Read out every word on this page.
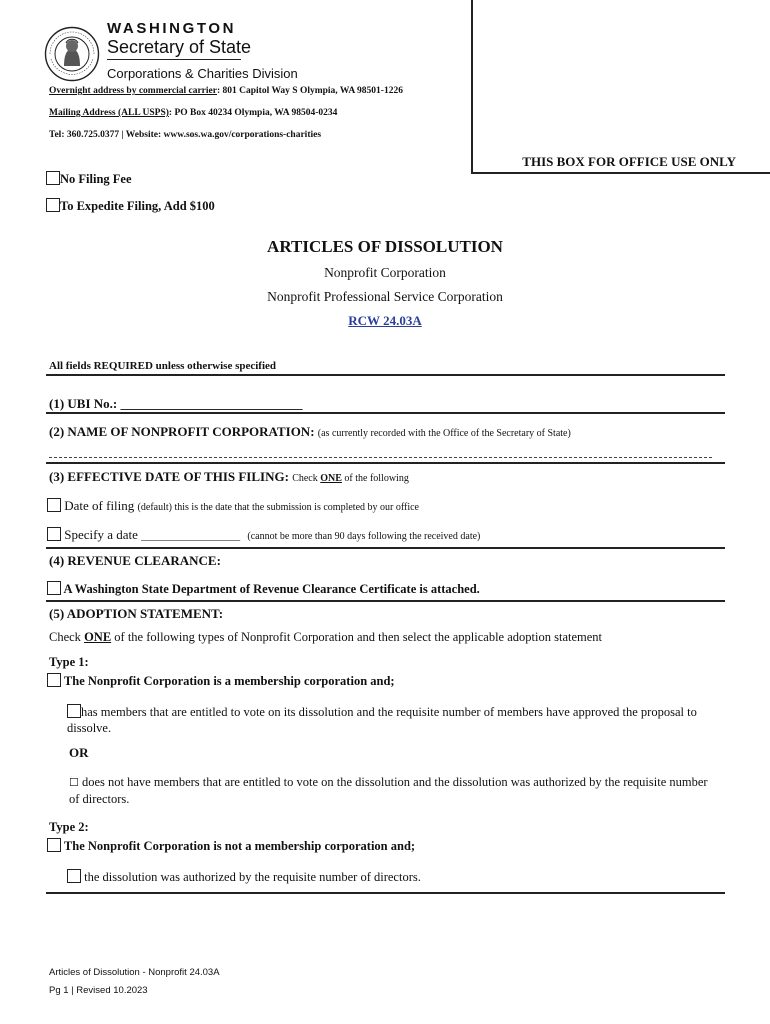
THIS BOX FOR OFFICE USE ONLY
WASHINGTON
Secretary of State
Corporations & Charities Division
Overnight address by commercial carrier: 801 Capitol Way S Olympia, WA 98501-1226
Mailing Address (ALL USPS): PO Box 40234 Olympia, WA 98504-0234
Tel: 360.725.0377 | Website: www.sos.wa.gov/corporations-charities
No Filing Fee
To Expedite Filing, Add $100
ARTICLES OF DISSOLUTION
Nonprofit Corporation
Nonprofit Professional Service Corporation
RCW 24.03A
All fields REQUIRED unless otherwise specified
(1) UBI No.: ____________________________
(2) NAME OF NONPROFIT CORPORATION: (as currently recorded with the Office of the Secretary of State)
(3) EFFECTIVE DATE OF THIS FILING: Check ONE of the following
Date of filing (default) this is the date that the submission is completed by our office
Specify a date __________________ (cannot be more than 90 days following the received date)
(4) REVENUE CLEARANCE:
A Washington State Department of Revenue Clearance Certificate is attached.
(5) ADOPTION STATEMENT:
Check ONE of the following types of Nonprofit Corporation and then select the applicable adoption statement
Type 1:
The Nonprofit Corporation is a membership corporation and;
has members that are entitled to vote on its dissolution and the requisite number of members have approved the proposal to dissolve.
OR
☐ does not have members that are entitled to vote on the dissolution and the dissolution was authorized by the requisite number of directors.
Type 2:
The Nonprofit Corporation is not a membership corporation and;
the dissolution was authorized by the requisite number of directors.
Articles of Dissolution - Nonprofit 24.03A
Pg 1 | Revised 10.2023
